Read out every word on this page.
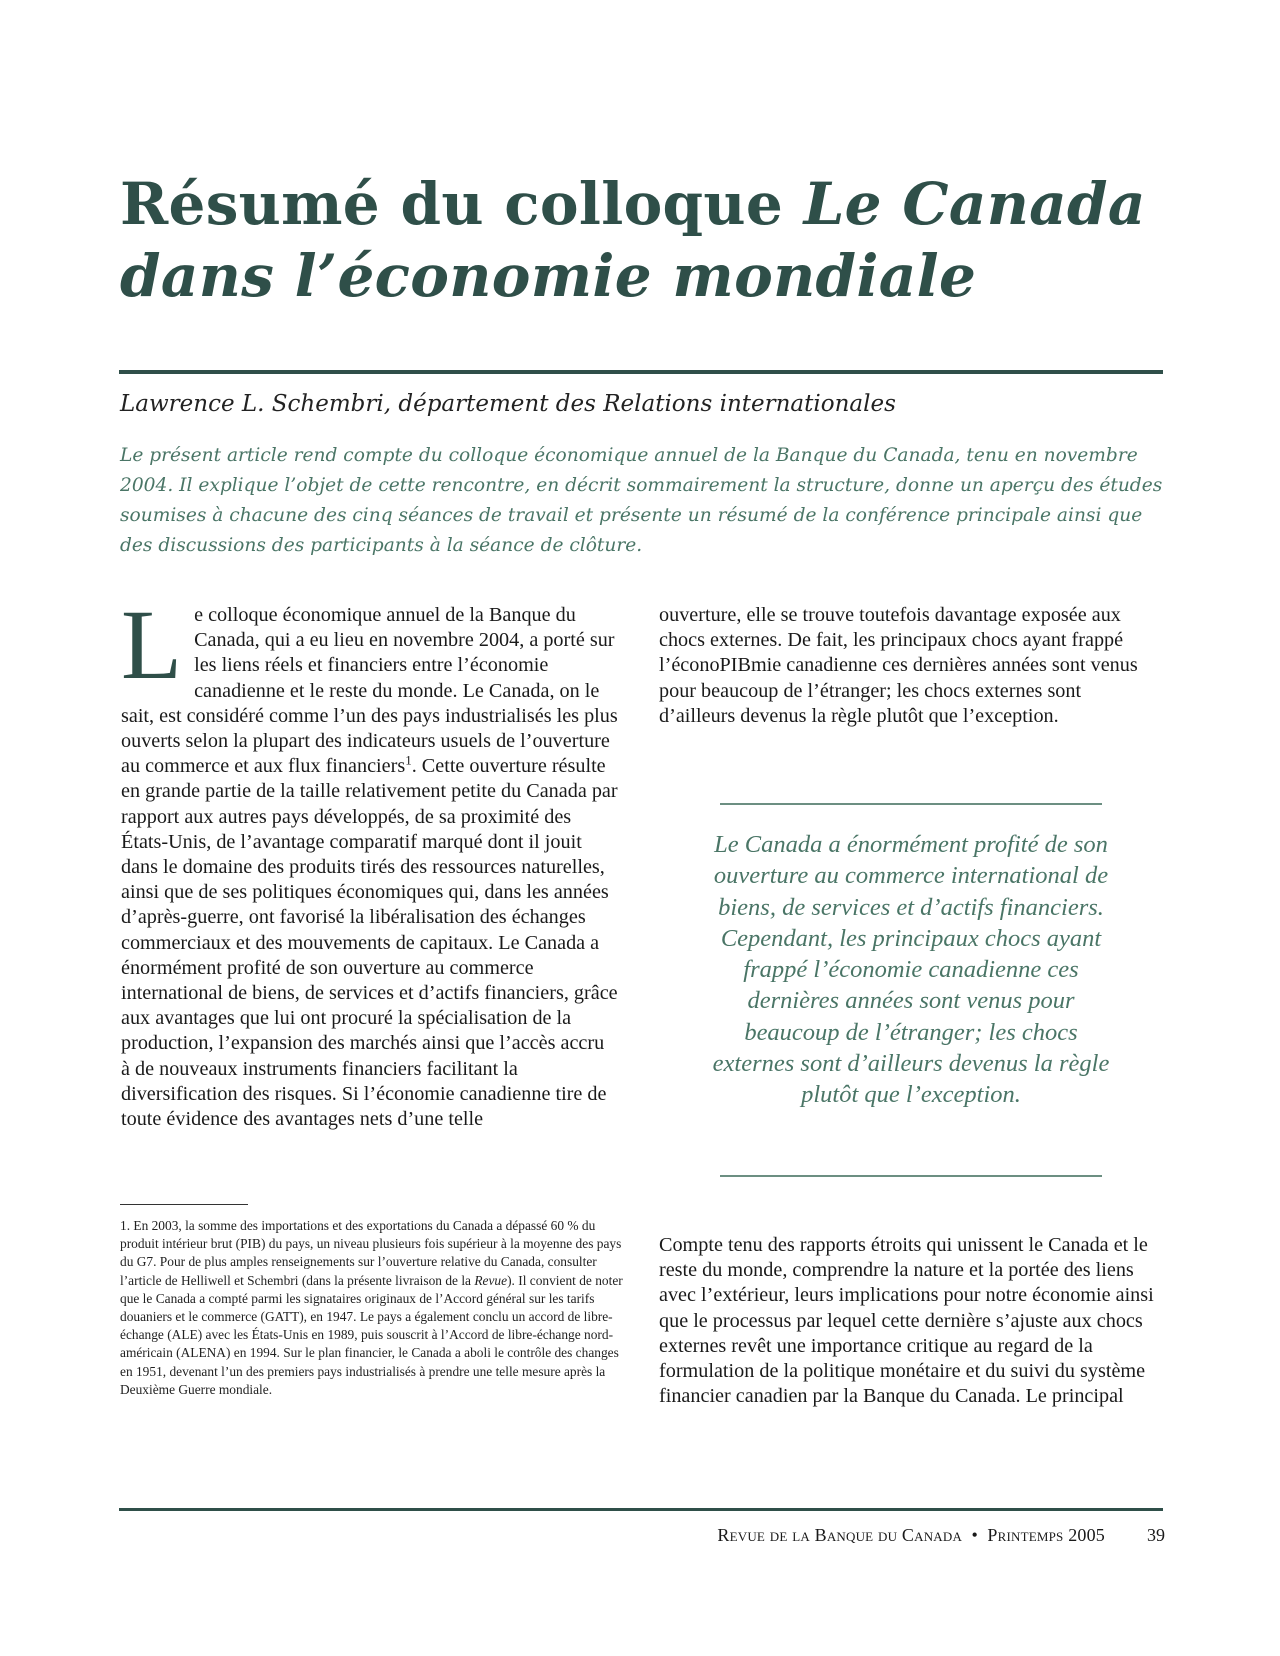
Résumé du colloque Le Canada dans l’économie mondiale

Lawrence L. Schembri, département des Relations internationales

Le présent article rend compte du colloque économique annuel de la Banque du Canada, tenu en novembre 2004. Il explique l’objet de cette rencontre, en décrit sommairement la structure, donne un aperçu des études soumises à chacune des cinq séances de travail et présente un résumé de la conférence principale ainsi que des discussions des participants à la séance de clôture.

Le colloque économique annuel de la Banque du Canada, qui a eu lieu en novembre 2004, a porté sur les liens réels et financiers entre l’économie canadienne et le reste du monde. Le Canada, on le sait, est considéré comme l’un des pays industrialisés les plus ouverts selon la plupart des indicateurs usuels de l’ouverture au commerce et aux flux financiers$^1$. Cette ouverture résulte en grande partie de la taille relativement petite du Canada par rapport aux autres pays développés, de sa proximité des États-Unis, de l’avantage comparatif marqué dont il jouit dans le domaine des produits tirés des ressources naturelles, ainsi que de ses politiques économiques qui, dans les années d’après-guerre, ont favorisé la libéralisation des échanges commerciaux et des mouvements de capitaux. Le Canada a énormément profité de son ouverture au commerce international de biens, de services et d’actifs financiers, grâce aux avantages que lui ont procuré la spécialisation de la production, l’expansion des marchés ainsi que l’accès accru à de nouveaux instruments financiers facilitant la diversification des risques. Si l’économie canadienne tire de toute évidence des avantages nets d’une telle
ouverture, elle se trouve toutefois davantage exposée aux chocs externes. De fait, les principaux chocs ayant frappé l’éconoPIBmie canadienne ces dernières années sont venus pour beaucoup de l’étranger; les chocs externes sont d’ailleurs devenus la règle plutôt que l’exception.

Le Canada a énormément profité de son ouverture au commerce international de biens, de services et d’actifs financiers. Cependant, les principaux chocs ayant frappé l’économie canadienne ces dernières années sont venus pour beaucoup de l’étranger; les chocs externes sont d’ailleurs devenus la règle plutôt que l’exception.

Compte tenu des rapports étroits qui unissent le Canada et le reste du monde, comprendre la nature et la portée des liens avec l’extérieur, leurs implications pour notre économie ainsi que le processus par lequel cette dernière s’ajuste aux chocs externes revêt une importance critique au regard de la formulation de la politique monétaire et du suivi du système financier canadien par la Banque du Canada. Le principal

1. En 2003, la somme des importations et des exportations du Canada a dépassé 60 % du produit intérieur brut (PIB) du pays, un niveau plusieurs fois supérieur à la moyenne des pays du G7. Pour de plus amples renseignements sur l’ouverture relative du Canada, consulter l’article de Helliwell et Schembri (dans la présente livraison de la Revue). Il convient de noter que le Canada a compté parmi les signataires originaux de l’Accord général sur les tarifs douaniers et le commerce (GATT), en 1947. Le pays a également conclu un accord de libre-échange (ALE) avec les États-Unis en 1989, puis souscrit à l’Accord de libre-échange nord-américain (ALENA) en 1994. Sur le plan financier, le Canada a aboli le contrôle des changes en 1951, devenant l’un des premiers pays industrialisés à prendre une telle mesure après la Deuxième Guerre mondiale.

Revue de la Banque du Canada • Printemps 2005 39
